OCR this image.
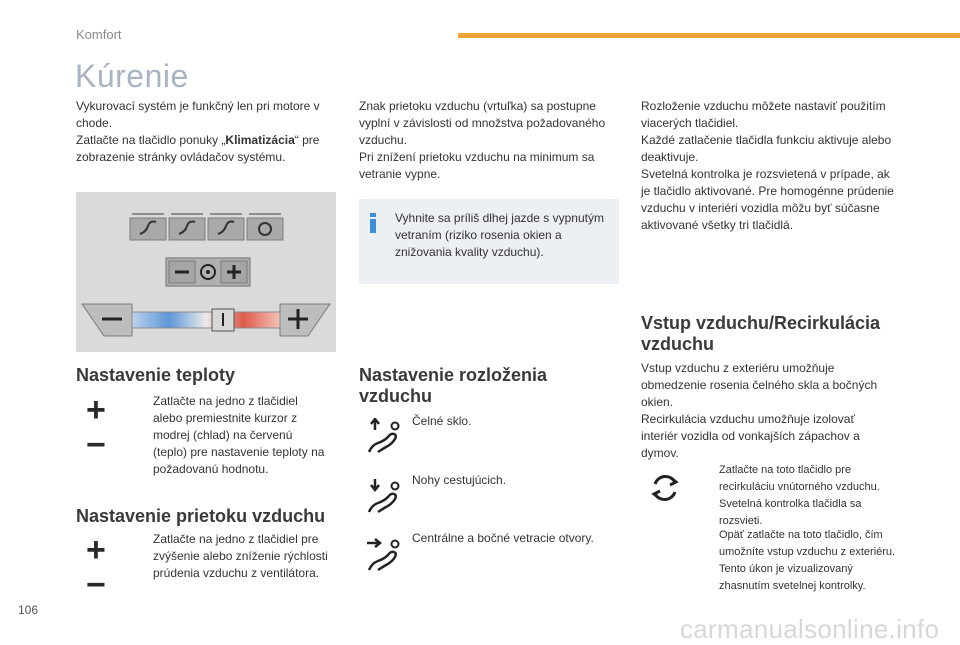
Komfort
Kúrenie

Vykurovací systém je funkčný len pri motore v

chode.

Zatlačte na tlačidlo ponuky „Klimatizácia“ pre

zobrazenie stránky ovládačov systému.

Nastavenie teploty
+
−
Zatlačte na jedno z tlačidiel
alebo premiestnite kurzor z
modrej (chlad) na červenú
(teplo) pre nastavenie teploty na
požadovanú hodnotu.
Nastavenie prietoku vzduchu
+
−
Zatlačte na jedno z tlačidiel pre
zvýšenie alebo zníženie rýchlosti
prúdenia vzduchu z ventilátora.

Znak prietoku vzduchu (vrtuľka) sa postupne

vyplní v závislosti od množstva požadovaného

vzduchu.

Pri znížení prietoku vzduchu na minimum sa

vetranie vypne.

Vyhnite sa príliš dlhej jazde s vypnutým

vetraním (riziko rosenia okien a

znižovania kvality vzduchu).

Nastavenie rozloženia
vzduchu
Čelné sklo.
Nohy cestujúcich.
Centrálne a bočné vetracie otvory.

Rozloženie vzduchu môžete nastaviť použitím

viacerých tlačidiel.

Každé zatlačenie tlačidla funkciu aktivuje alebo

deaktivuje.

Svetelná kontrolka je rozsvietená v prípade, ak

je tlačidlo aktivované. Pre homogénne prúdenie

vzduchu v interiéri vozidla môžu byť súčasne

aktivované všetky tri tlačidlá.

Vstup vzduchu/Recirkulácia
vzduchu

Vstup vzduchu z exteriéru umožňuje

obmedzenie rosenia čelného skla a bočných

okien.

Recirkulácia vzduchu umožňuje izolovať

interiér vozidla od vonkajších zápachov a

dymov.

Zatlačte na toto tlačidlo pre
recirkuláciu vnútorného vzduchu.
Svetelná kontrolka tlačidla sa
rozsvieti.
Opäť zatlačte na toto tlačidlo, čím
umožníte vstup vzduchu z exteriéru.
Tento úkon je vizualizovaný
zhasnutím svetelnej kontrolky.
106
carmanualsonline.info
